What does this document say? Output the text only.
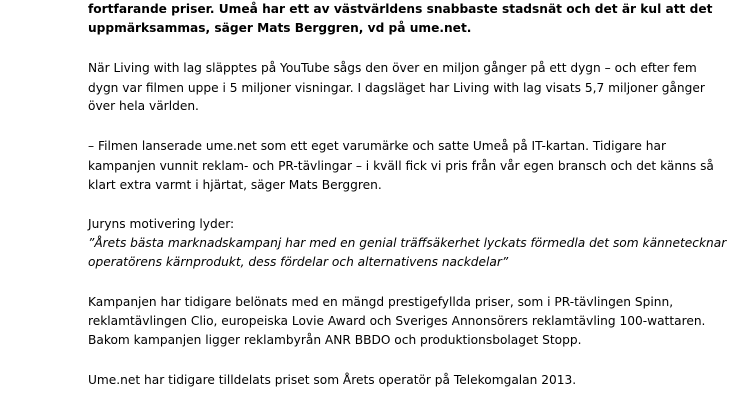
fortfarande priser. Umeå har ett av västvärldens snabbaste stadsnät och det är kul att det
uppmärksammas, säger Mats Berggren, vd på ume.net.
När Living with lag släpptes på YouTube sågs den över en miljon gånger på ett dygn – och efter fem
dygn var filmen uppe i 5 miljoner visningar. I dagsläget har Living with lag visats 5,7 miljoner gånger
över hela världen.
– Filmen lanserade ume.net som ett eget varumärke och satte Umeå på IT-kartan. Tidigare har
kampanjen vunnit reklam- och PR-tävlingar – i kväll fick vi pris från vår egen bransch och det känns så
klart extra varmt i hjärtat, säger Mats Berggren.
Juryns motivering lyder:
”Årets bästa marknadskampanj har med en genial träffsäkerhet lyckats förmedla det som kännetecknar
operatörens kärnprodukt, dess fördelar och alternativens nackdelar”
Kampanjen har tidigare belönats med en mängd prestigefyllda priser, som i PR-tävlingen Spinn,
reklamtävlingen Clio, europeiska Lovie Award och Sveriges Annonsörers reklamtävling 100-wattaren.
Bakom kampanjen ligger reklambyrån ANR BBDO och produktionsbolaget Stopp.
Ume.net har tidigare tilldelats priset som Årets operatör på Telekomgalan 2013.
